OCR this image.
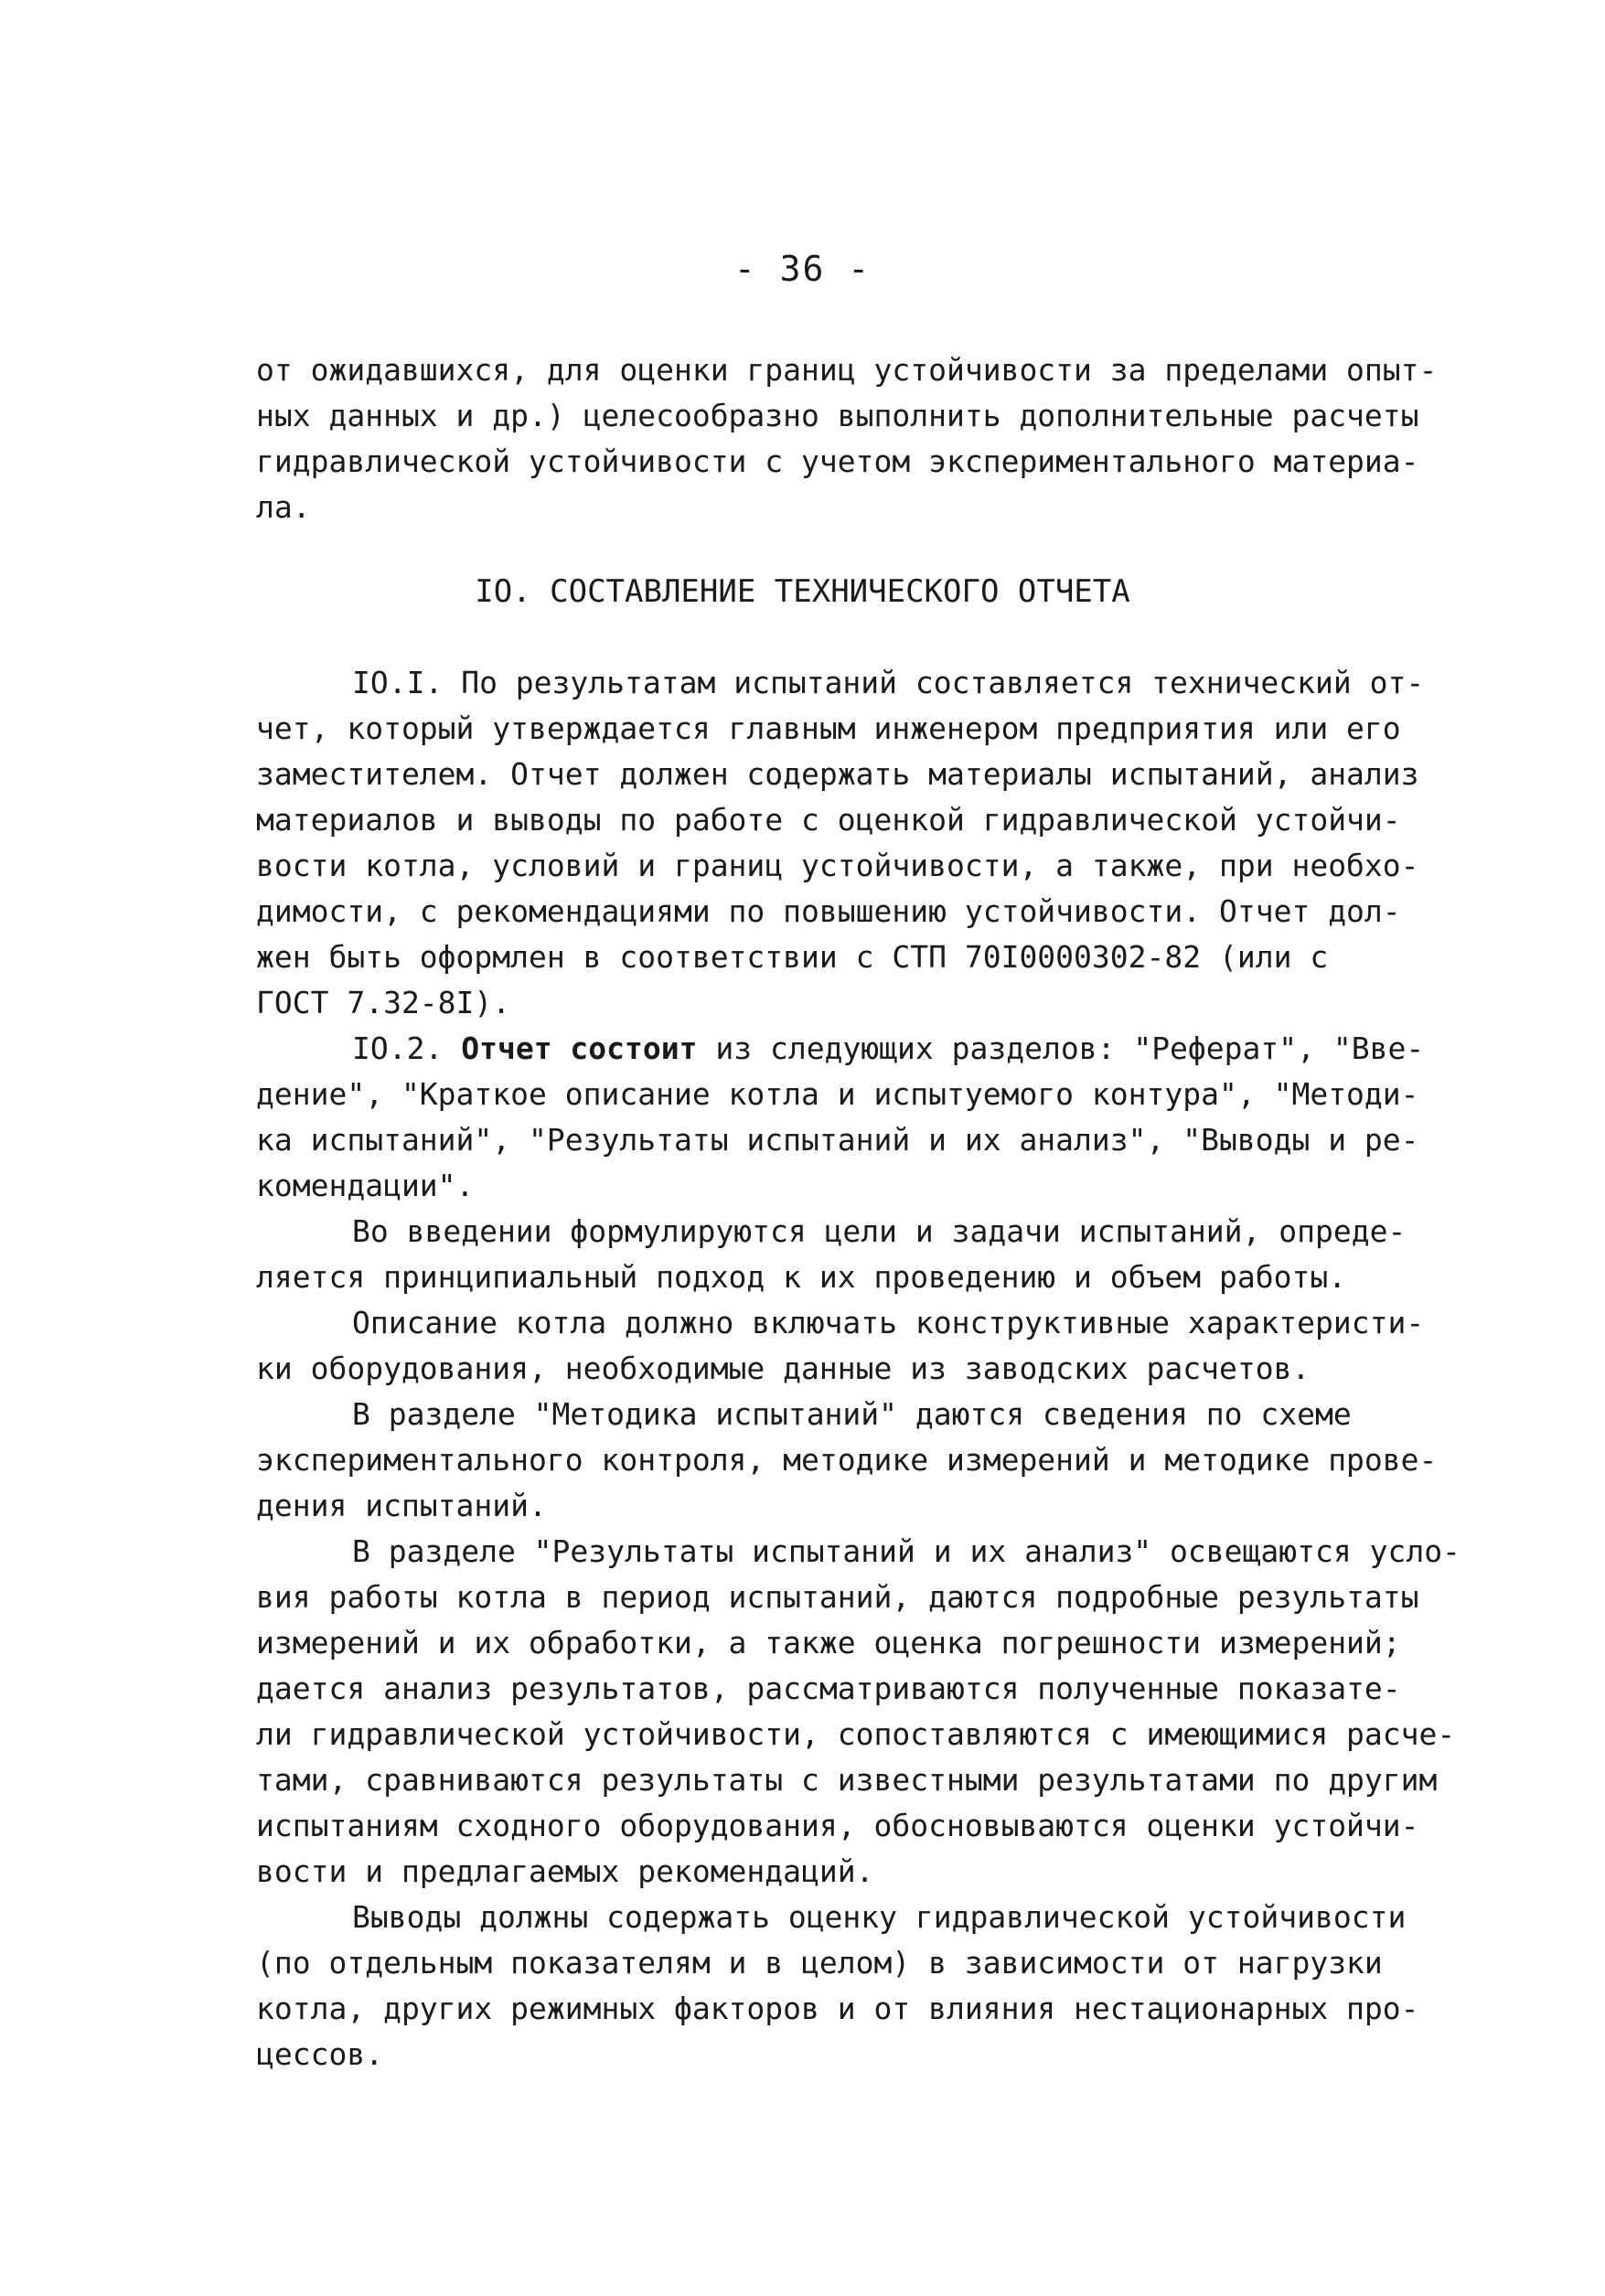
- 36 -
от ожидавшихся, для оценки границ устойчивости за пределами опыт-
ных данных и др.) целесообразно выполнить дополнительные расчеты
гидравлической устойчивости с учетом экспериментального материа-
ла.
IO. СОСТАВЛЕНИЕ ТЕХНИЧЕСКОГО ОТЧЕТА
IO.I. По результатам испытаний составляется технический от-
чет, который утверждается главным инженером предприятия или его
заместителем. Отчет должен содержать материалы испытаний, анализ
материалов и выводы по работе с оценкой гидравлической устойчи-
вости котла, условий и границ устойчивости, а также, при необхо-
димости, с рекомендациями по повышению устойчивости. Отчет дол-
жен быть оформлен в соответствии с СТП 70I0000302-82 (или с
ГОСТ 7.32-8I).
IO.2. Отчет состоит из следующих разделов: "Реферат", "Вве-
дение", "Краткое описание котла и испытуемого контура", "Методи-
ка испытаний", "Результаты испытаний и их анализ", "Выводы и ре-
комендации".
Во введении формулируются цели и задачи испытаний, опреде-
ляется принципиальный подход к их проведению и объем работы.
Описание котла должно включать конструктивные характеристи-
ки оборудования, необходимые данные из заводских расчетов.
В разделе "Методика испытаний" даются сведения по схеме
экспериментального контроля, методике измерений и методике прове-
дения испытаний.
В разделе "Результаты испытаний и их анализ" освещаются усло-
вия работы котла в период испытаний, даются подробные результаты
измерений и их обработки, а также оценка погрешности измерений;
дается анализ результатов, рассматриваются полученные показате-
ли гидравлической устойчивости, сопоставляются с имеющимися расче-
тами, сравниваются результаты с известными результатами по другим
испытаниям сходного оборудования, обосновываются оценки устойчи-
вости и предлагаемых рекомендаций.
Выводы должны содержать оценку гидравлической устойчивости
(по отдельным показателям и в целом) в зависимости от нагрузки
котла, других режимных факторов и от влияния нестационарных про-
цессов.
